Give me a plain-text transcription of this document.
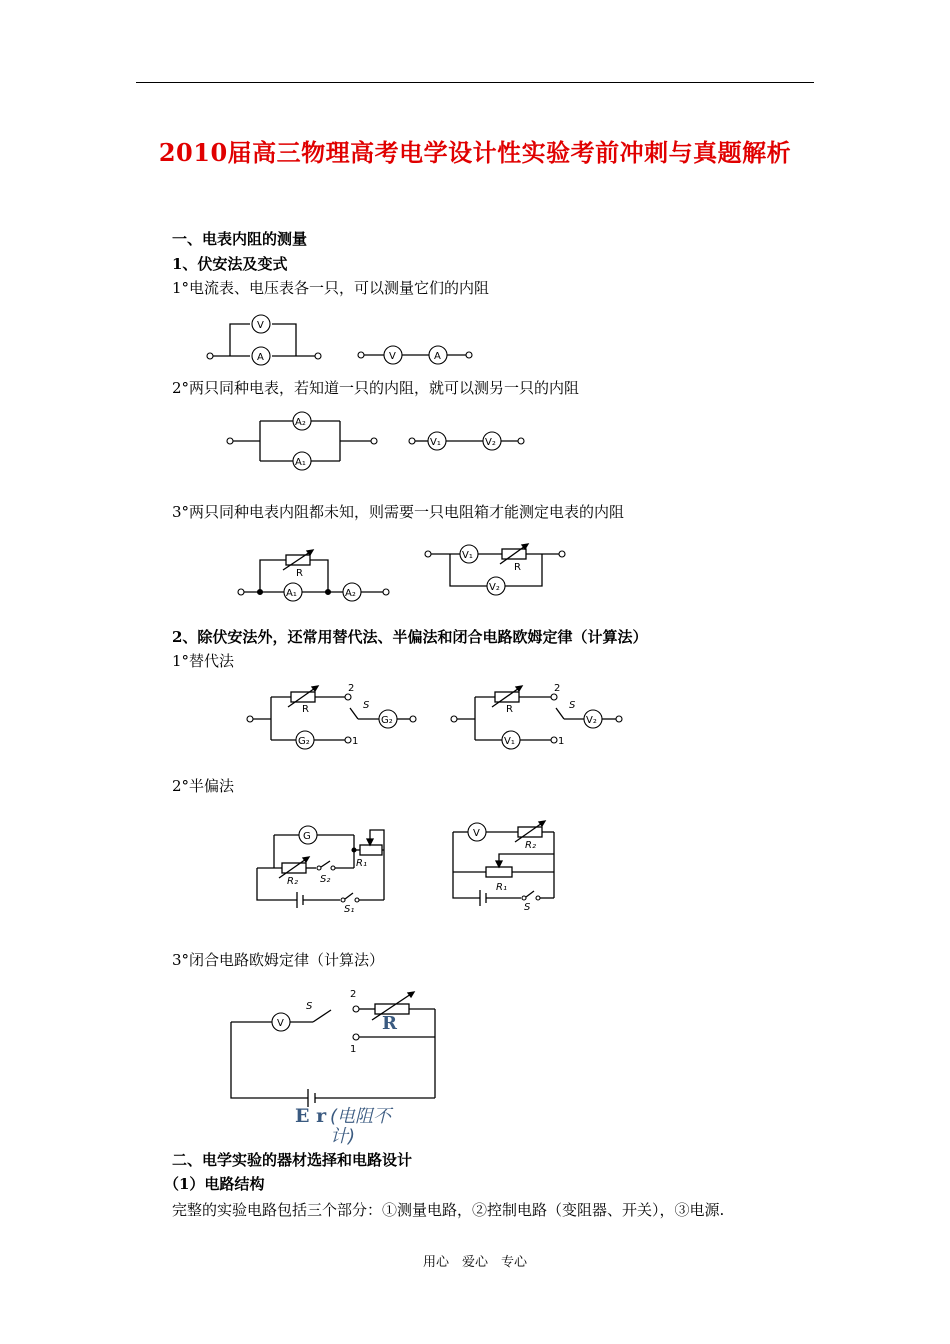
2010届高三物理高考电学设计性实验考前冲刺与真题解析
一、电表内阻的测量
1、伏安法及变式
1°电流表、电压表各一只，可以测量它们的内阻
V
A	V	A
2°两只同种电表，若知道一只的内阻，就可以测另一只的内阻
A₂
A₁
V₁	V₂
3°两只同种电表内阻都未知，则需要一只电阻箱才能测定电表的内阻
R
A₁	A₂
R
V₁
V₂
2、除伏安法外，还常用替代法、半偏法和闭合电路欧姆定律（计算法）
1°替代法
R
2
G₂	1
S
G₂
R
2
V₁	1
S
V₂
2°半偏法
G
R₂ S₂
R₁
S₁
V
R₂
R₁
S
3°闭合电路欧姆定律（计算法）
V
S
2
1
R
E r (电阻不计)
二、电学实验的器材选择和电路设计
（1）电路结构
完整的实验电路包括三个部分：①测量电路，②控制电路（变阻器、开关），③电源.
用心　爱心　专心
